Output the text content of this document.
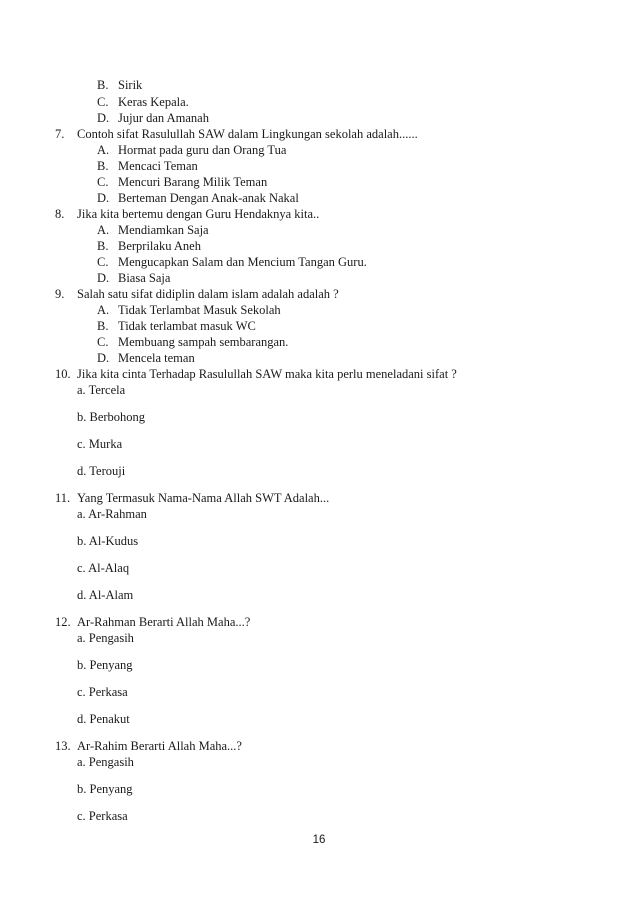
B. Sirik
C. Keras Kepala.
D. Jujur dan Amanah
7.	Contoh sifat Rasulullah SAW dalam Lingkungan sekolah adalah......
A. Hormat pada guru dan Orang Tua
B. Mencaci Teman
C. Mencuri Barang Milik Teman
D. Berteman Dengan Anak-anak Nakal
8.	Jika kita bertemu dengan Guru Hendaknya kita..
A. Mendiamkan Saja
B. Berprilaku Aneh
C. Mengucapkan Salam dan Mencium Tangan Guru.
D. Biasa Saja
9.	Salah satu sifat didiplin dalam islam adalah adalah ?
A. Tidak Terlambat Masuk Sekolah
B. Tidak terlambat masuk WC
C. Membuang sampah sembarangan.
D. Mencela teman
10. Jika kita cinta Terhadap Rasulullah SAW maka kita perlu meneladani sifat ?
a. Tercela
b. Berbohong
c. Murka
d. Terouji
11. Yang Termasuk Nama-Nama Allah SWT Adalah...
a. Ar-Rahman
b. Al-Kudus
c. Al-Alaq
d. Al-Alam
12. Ar-Rahman Berarti Allah Maha...?
a. Pengasih
b. Penyang
c. Perkasa
d. Penakut
13. Ar-Rahim Berarti Allah Maha...?
a. Pengasih
b. Penyang
c. Perkasa
16
